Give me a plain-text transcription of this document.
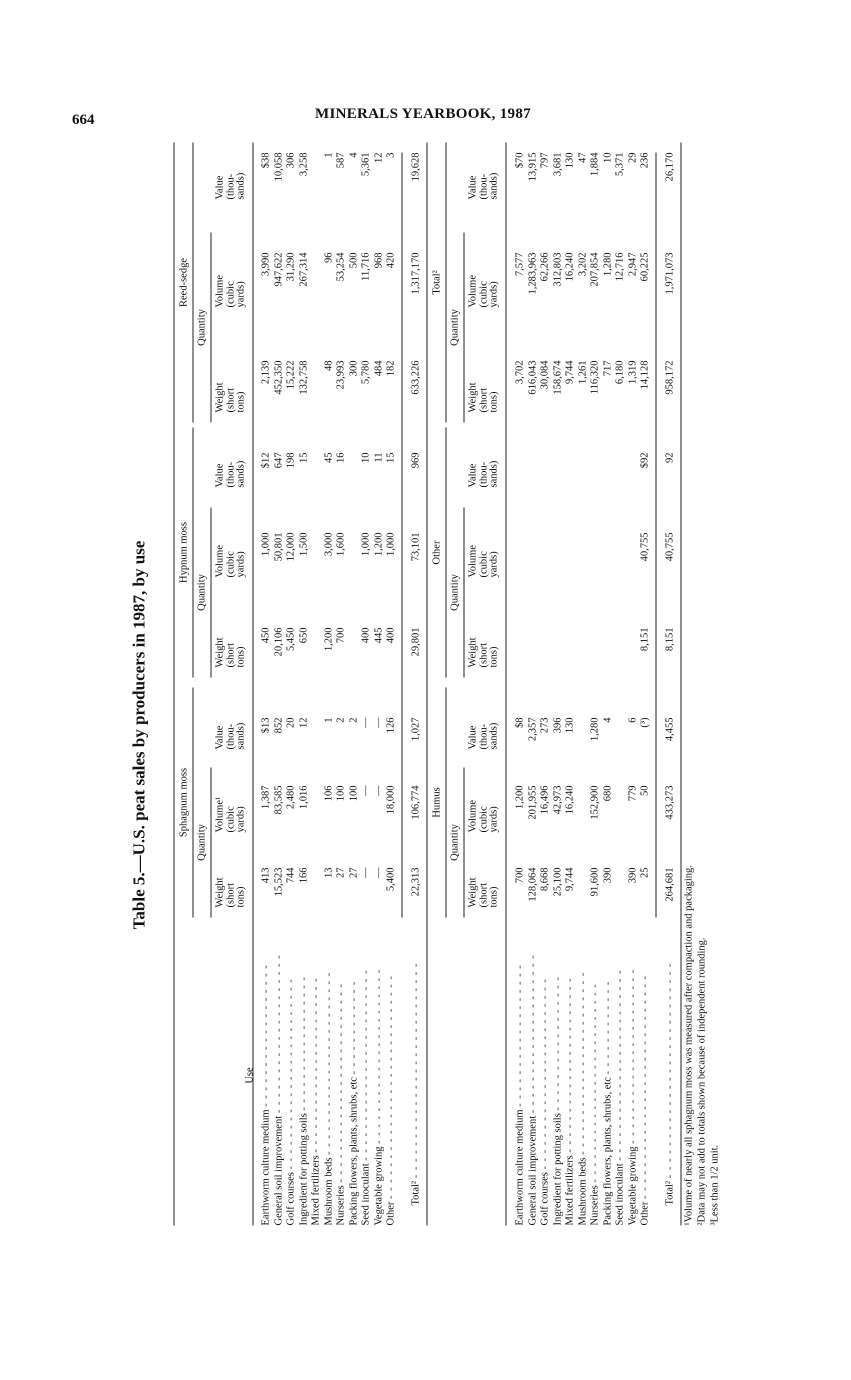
664	MINERALS YEARBOOK, 1987
Table 5.—U.S. peat sales by producers in 1987, by use
Use
Sphagnum moss
Hypnum moss
Reed-sedge
Quantity
Quantity
Quantity
Weight (short tons)
Volume¹ (cubic yards)
Value (thou- sands)
Weight (short tons)
Volume (cubic yards)
Value (thou- sands)
Weight (short tons)
Volume (cubic yards)
Value (thou- sands)
Earthworm culture medium - - - - - - - - - - - - - - - - - -
General soil improvement - - - - - - - - - - - - - - - - - - - -
Golf courses - - - - - - - - - - - - - - - - - - - - - - - - Ingredient for potting soils - - - - - - - - - - - - - - - - -
Mixed fertilizers - - - - - - - - - - - - - - - - - - - - - -
Mushroom beds - - - - - - - - - - - - - - - - - - - - - - -
Nurseries - - - - - - - - - - - - - - - - - - - - - - - - - Packing flowers, plants, shrubs, etc - - - - - - - - - - - -
Seed inoculant - - - - - - - - - - - - - - - - - - - - - - - -
Vegetable growing - - - - - - - - - - - - - - - - - - - - - -
Other - - - - - - - - - - - - - - - - - - - - - - - - - - - -
413 15,523 744 166 13 27 27 — — 5,400
1,387 83,585 2,480 1,016 106 100 100 — — 18,000
$13 852 20 12 1 2 2 — — 126
450 20,106 5,450 650 1,200 700 400 445 400
1,000 50,801 12,000 1,500 3,000 1,600 1,000 1,200 1,000
$12 647 198 15 45 16 10 11 15
2,139 452,350 15,222 132,758 48 23,993 300 5,780 484 182
3,990 947,622 31,290 267,314 96 53,254 500 11,716 968 420
$38 10,058 306 3,258 1 587 4 5,361 12 3
Total² - - - - - - - - - - - - - - - - - - - - - - - - - - -
22,313
106,774
1,027
29,801
73,101
969
633,226
1,317,170
19,628
Humus
Other
Total²
Quantity
Quantity
Quantity
Weight (short tons)
Volume (cubic yards)
Value (thou- sands)
Weight (short tons)
Volume (cubic yards)
Value (thou- sands)
Weight (short tons)
Volume (cubic yards)
Value (thou- sands)
Earthworm culture medium - - - - - - - - - - - - - - - - - -
General soil improvement - - - - - - - - - - - - - - - - - - - -
Golf courses - - - - - - - - - - - - - - - - - - - - - - - - Ingredient for potting soils - - - - - - - - - - - - - - - - -
Mixed fertilizers - - - - - - - - - - - - - - - - - - - - - -
Mushroom beds - - - - - - - - - - - - - - - - - - - - - - -
Nurseries - - - - - - - - - - - - - - - - - - - - - - - - - Packing flowers, plants, shrubs, etc - - - - - - - - - - - -
Seed inoculant - - - - - - - - - - - - - - - - - - - - - - - -
Vegetable growing - - - - - - - - - - - - - - - - - - - - - -
Other - - - - - - - - - - - - - - - - - - - - - - - - - - - -
700 128,064 8,668 25,100 9,744 91,600 390 390 25
1,200 201,955 16,496 42,973 16,240 152,900 680 779 50
$8 2,357 273 396 130 1,280 4 6 (³)
8,151
40,755
$92
3,702 616,043 30,084 158,674 9,744 1,261 116,320 717 6,180 1,319 14,128
7,577 1,283,963 62,266 312,803 16,240 3,202 207,854 1,280 12,716 2,947 60,225
$70 13,915 797 3,681 130 47 1,884 10 5,371 29 236
Total² - - - - - - - - - - - - - - - - - - - - - - - - - - -
264,681
433,273
4,455
8,151
40,755
92
958,172
1,971,073
26,170
¹Volume of nearly all sphagnum moss was measured after compaction and packaging. ²Data may not add to totals shown because of independent rounding. ³Less than 1/2 unit.
